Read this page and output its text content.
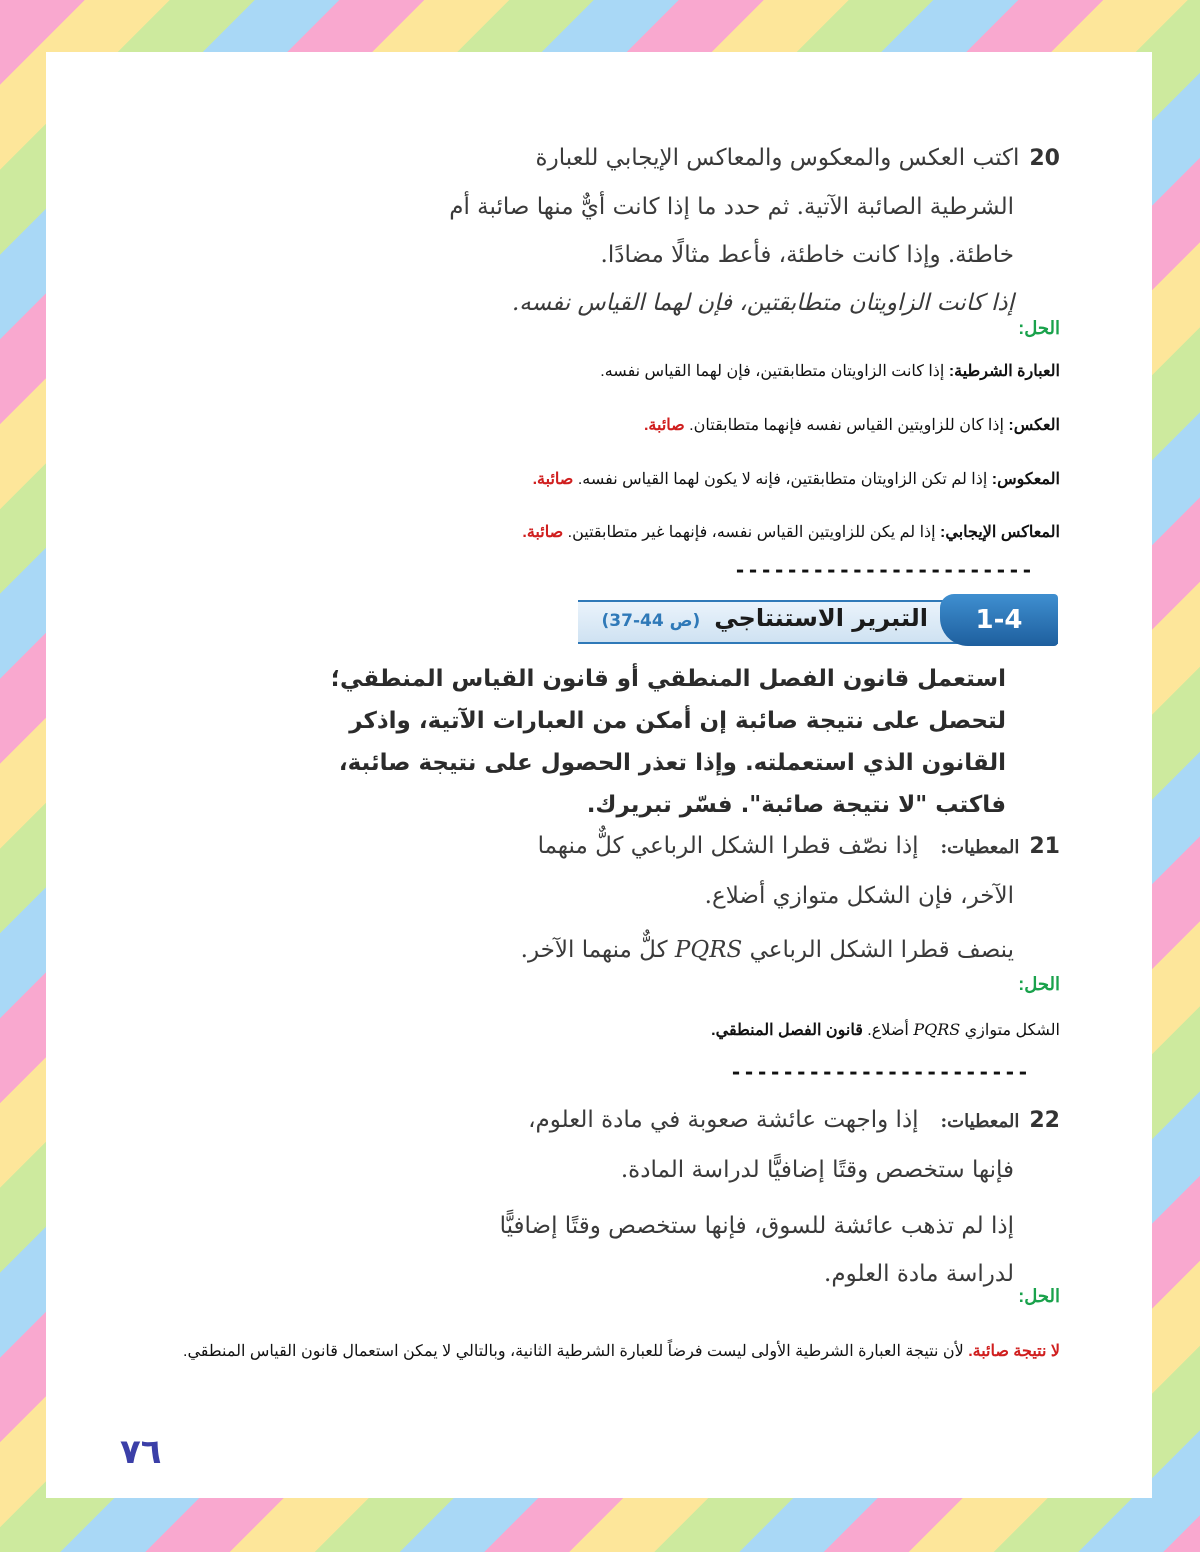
20اكتب العكس والمعكوس والمعاكس الإيجابي للعبارة
الشرطية الصائبة الآتية. ثم حدد ما إذا كانت أيٌّ منها صائبة أم
خاطئة. وإذا كانت خاطئة، فأعط مثالًا مضادًا.
إذا كانت الزاويتان متطابقتين، فإن لهما القياس نفسه.
الحل:
العبارة الشرطية: إذا كانت الزاويتان متطابقتين، فإن لهما القياس نفسه.
العكس: إذا كان للزاويتين القياس نفسه فإنهما متطابقتان. صائبة.
المعكوس: إذا لم تكن الزاويتان متطابقتين، فإنه لا يكون لهما القياس نفسه. صائبة.
المعاكس الإيجابي: إذا لم يكن للزاويتين القياس نفسه، فإنهما غير متطابقتين. صائبة.
-----------------------
1-4
التبرير الاستنتاجي(ص 44-37)
استعمل قانون الفصل المنطقي أو قانون القياس المنطقي؛
لتحصل على نتيجة صائبة إن أمكن من العبارات الآتية، واذكر
القانون الذي استعملته. وإذا تعذر الحصول على نتيجة صائبة،
فاكتب "لا نتيجة صائبة". فسّر تبريرك.
21المعطيات:   إذا نصّف قطرا الشكل الرباعي كلٌّ منهما
الآخر، فإن الشكل متوازي أضلاع.
ينصف قطرا الشكل الرباعي PQRS كلٌّ منهما الآخر.
الحل:
الشكل متوازي PQRS أضلاع. قانون الفصل المنطقي.
-----------------------
22المعطيات:   إذا واجهت عائشة صعوبة في مادة العلوم،
فإنها ستخصص وقتًا إضافيًّا لدراسة المادة.
إذا لم تذهب عائشة للسوق، فإنها ستخصص وقتًا إضافيًّا
لدراسة مادة العلوم.
الحل:
لا نتيجة صائبة. لأن نتيجة العبارة الشرطية الأولى ليست فرضاً للعبارة الشرطية الثانية، وبالتالي لا يمكن استعمال قانون القياس المنطقي.
٧٦
